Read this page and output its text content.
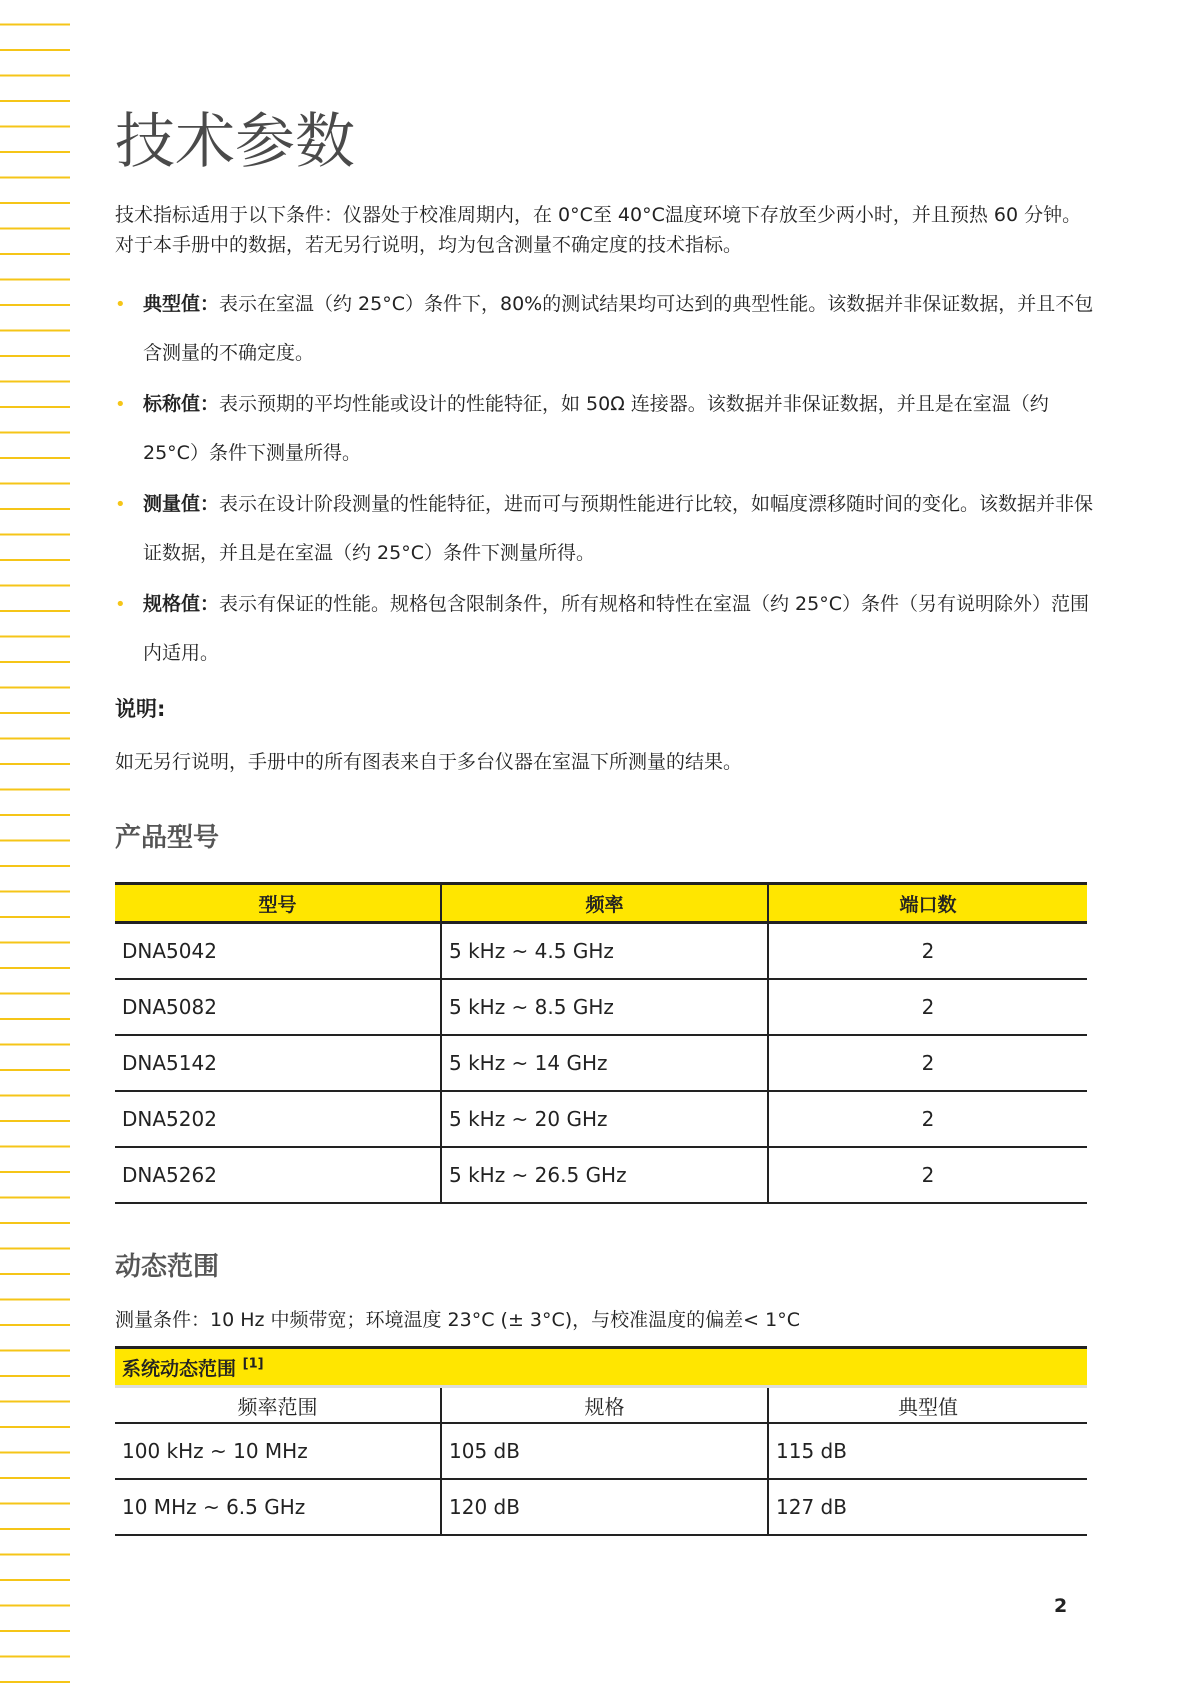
技术参数

技术指标适用于以下条件：仪器处于校准周期内，在 0°C至 40°C温度环境下存放至少两小时，并且预热 60 分钟。对于本手册中的数据，若无另行说明，均为包含测量不确定度的技术指标。

• 典型值：表示在室温（约 25°C）条件下，80%的测试结果均可达到的典型性能。该数据并非保证数据，并且不包含测量的不确定度。
• 标称值：表示预期的平均性能或设计的性能特征，如 50Ω 连接器。该数据并非保证数据，并且是在室温（约 25°C）条件下测量所得。
• 测量值：表示在设计阶段测量的性能特征，进而可与预期性能进行比较，如幅度漂移随时间的变化。该数据并非保证数据，并且是在室温（约 25°C）条件下测量所得。
• 规格值：表示有保证的性能。规格包含限制条件，所有规格和特性在室温（约 25°C）条件（另有说明除外）范围内适用。

说明:

如无另行说明，手册中的所有图表来自于多台仪器在室温下所测量的结果。

产品型号
型号	频率	端口数
DNA5042	5 kHz ~ 4.5 GHz	2
DNA5082	5 kHz ~ 8.5 GHz	2
DNA5142	5 kHz ~ 14 GHz	2
DNA5202	5 kHz ~ 20 GHz	2
DNA5262	5 kHz ~ 26.5 GHz	2
动态范围

测量条件：10 Hz 中频带宽；环境温度 23°C (± 3°C)，与校准温度的偏差< 1°C

系统动态范围 [1]
频率范围	规格	典型值
100 kHz ~ 10 MHz	105 dB	115 dB
10 MHz ~ 6.5 GHz	120 dB	127 dB
2
